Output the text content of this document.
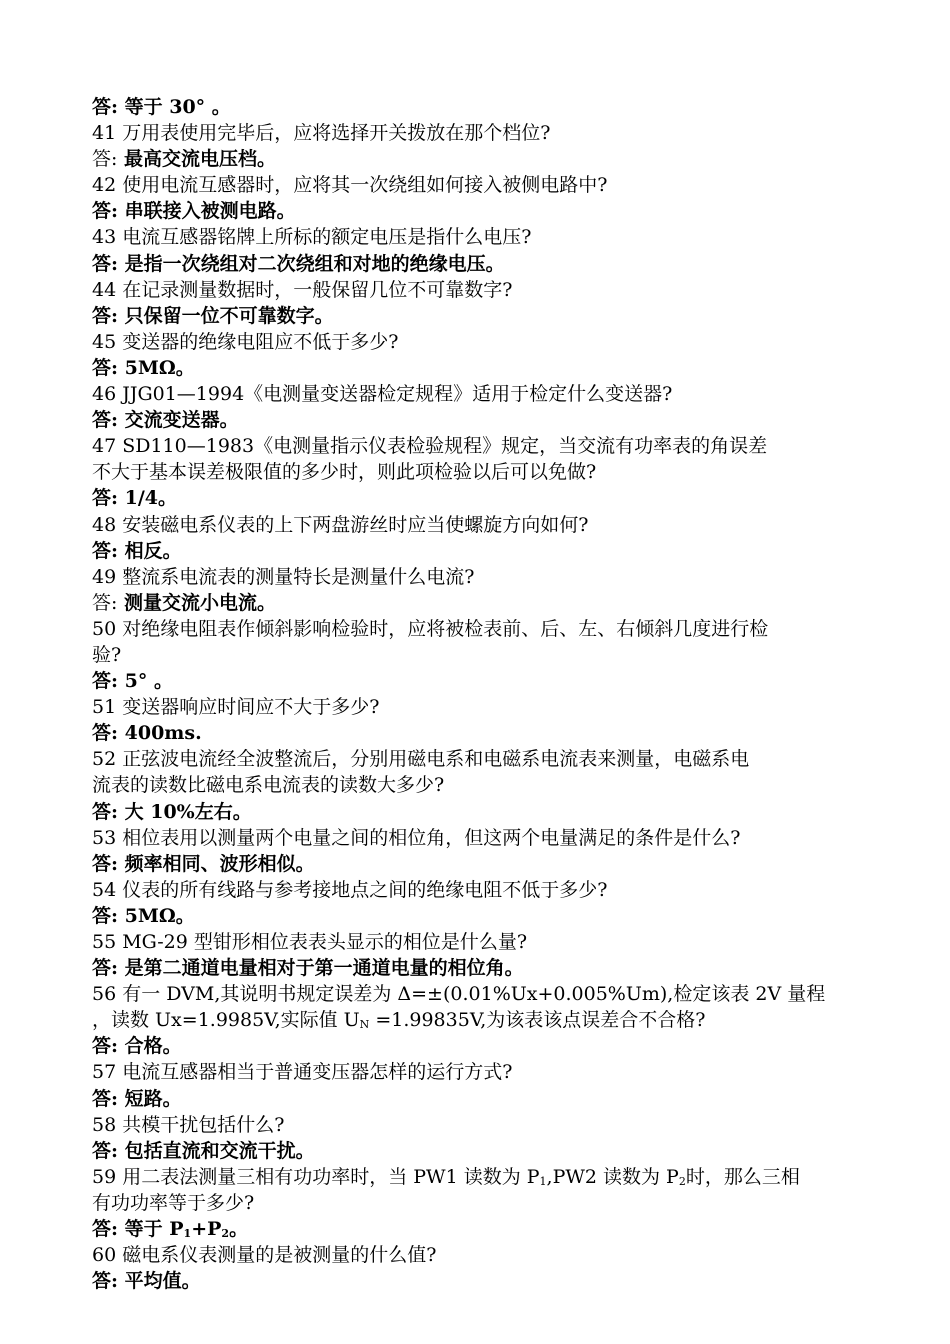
答: 等于 30° 。
41 万用表使用完毕后，应将选择开关拨放在那个档位?
答: 最高交流电压档。
42 使用电流互感器时，应将其一次绕组如何接入被侧电路中?
答: 串联接入被测电路。
43 电流互感器铭牌上所标的额定电压是指什么电压?
答: 是指一次绕组对二次绕组和对地的绝缘电压。
44 在记录测量数据时，一般保留几位不可靠数字?
答: 只保留一位不可靠数字。
45 变送器的绝缘电阻应不低于多少?
答: 5MΩ。
46 JJG01—1994《电测量变送器检定规程》适用于检定什么变送器?
答: 交流变送器。
47 SD110—1983《电测量指示仪表检验规程》规定，当交流有功率表的角误差
不大于基本误差极限值的多少时，则此项检验以后可以免做?
答: 1/4。
48 安装磁电系仪表的上下两盘游丝时应当使螺旋方向如何?
答: 相反。
49 整流系电流表的测量特长是测量什么电流?
答: 测量交流小电流。
50 对绝缘电阻表作倾斜影响检验时，应将被检表前、后、左、右倾斜几度进行检
验?
答: 5° 。
51 变送器响应时间应不大于多少?
答: 400ms.
52 正弦波电流经全波整流后，分别用磁电系和电磁系电流表来测量，电磁系电
流表的读数比磁电系电流表的读数大多少?
答: 大 10%左右。
53 相位表用以测量两个电量之间的相位角，但这两个电量满足的条件是什么?
答: 频率相同、波形相似。
54 仪表的所有线路与参考接地点之间的绝缘电阻不低于多少?
答: 5MΩ。
55 MG-29 型钳形相位表表头显示的相位是什么量?
答: 是第二通道电量相对于第一通道电量的相位角。
56 有一 DVM,其说明书规定误差为 Δ=±(0.01%Ux+0.005%Um),检定该表 2V 量程
，读数 Ux=1.9985V,实际值 $U_N =1.99835V$,为该表该点误差合不合格?
答: 合格。
57 电流互感器相当于普通变压器怎样的运行方式?
答: 短路。
58 共模干扰包括什么?
答: 包括直流和交流干扰。
59 用二表法测量三相有功功率时，当 PW1 读数为 $P_1,PW2$ 读数为 $P_2$时，那么三相
有功功率等于多少?
答: 等于 $P_1+P_2$。
60 磁电系仪表测量的是被测量的什么值?
答: 平均值。
